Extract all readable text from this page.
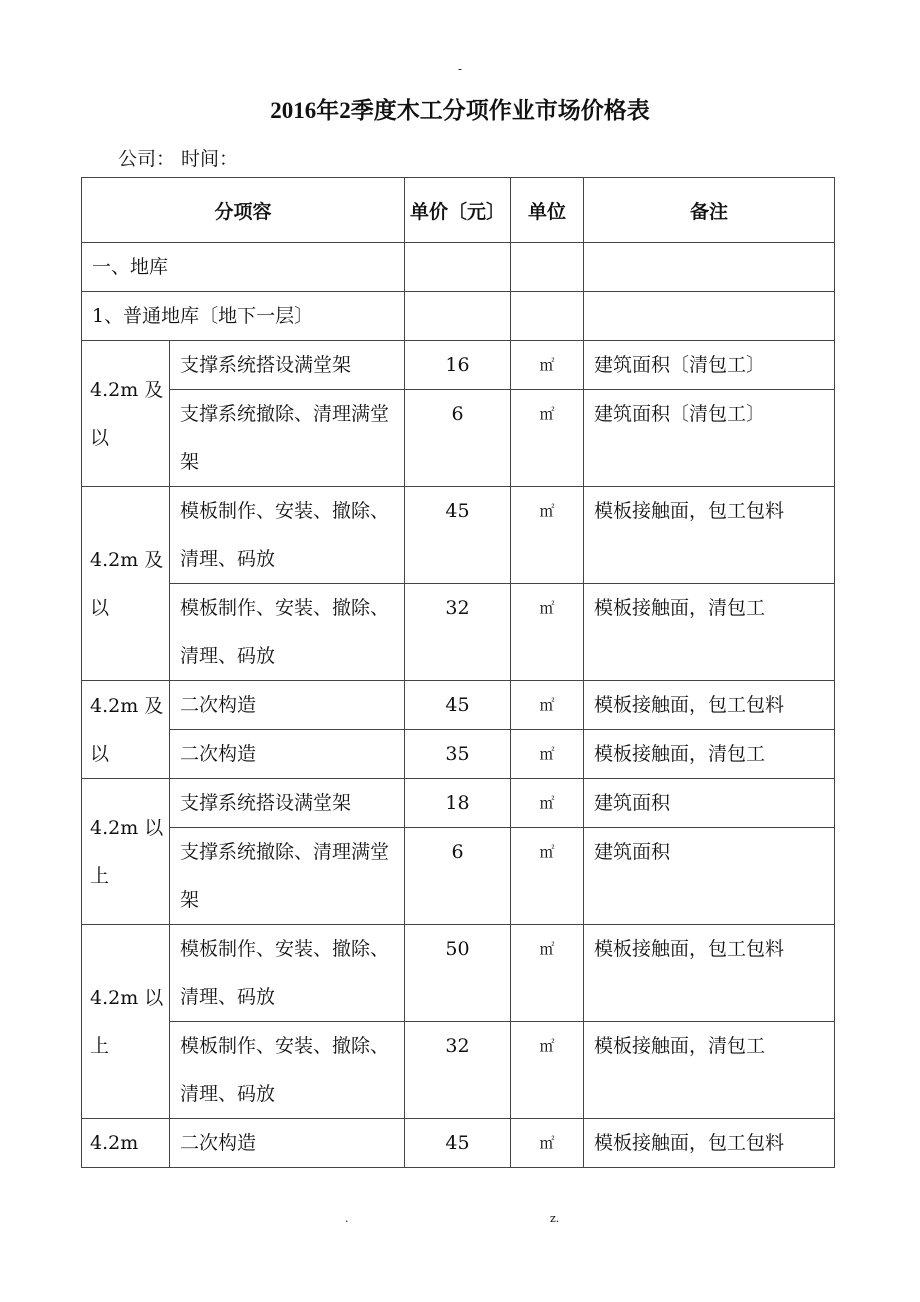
-
2016年2季度木工分项作业市场价格表
公司： 时间：
分项容		单价〔元〕	单位	备注
一、地库				
1、普通地库〔地下一层〕				
4.2m 及以	支撑系统搭设满堂架	16	㎡	建筑面积〔清包工〕
	支撑系统撤除、清理满堂架	6	㎡	建筑面积〔清包工〕
4.2m 及以	模板制作、安装、撤除、清理、码放	45	㎡	模板接触面，包工包料
	模板制作、安装、撤除、清理、码放	32	㎡	模板接触面，清包工
4.2m 及以	二次构造	45	㎡	模板接触面，包工包料
	二次构造	35	㎡	模板接触面，清包工
4.2m 以上	支撑系统搭设满堂架	18	㎡	建筑面积
	支撑系统撤除、清理满堂架	6	㎡	建筑面积
4.2m 以上	模板制作、安装、撤除、清理、码放	50	㎡	模板接触面，包工包料
	模板制作、安装、撤除、清理、码放	32	㎡	模板接触面，清包工
4.2m	二次构造	45	㎡	模板接触面，包工包料
.	z.
